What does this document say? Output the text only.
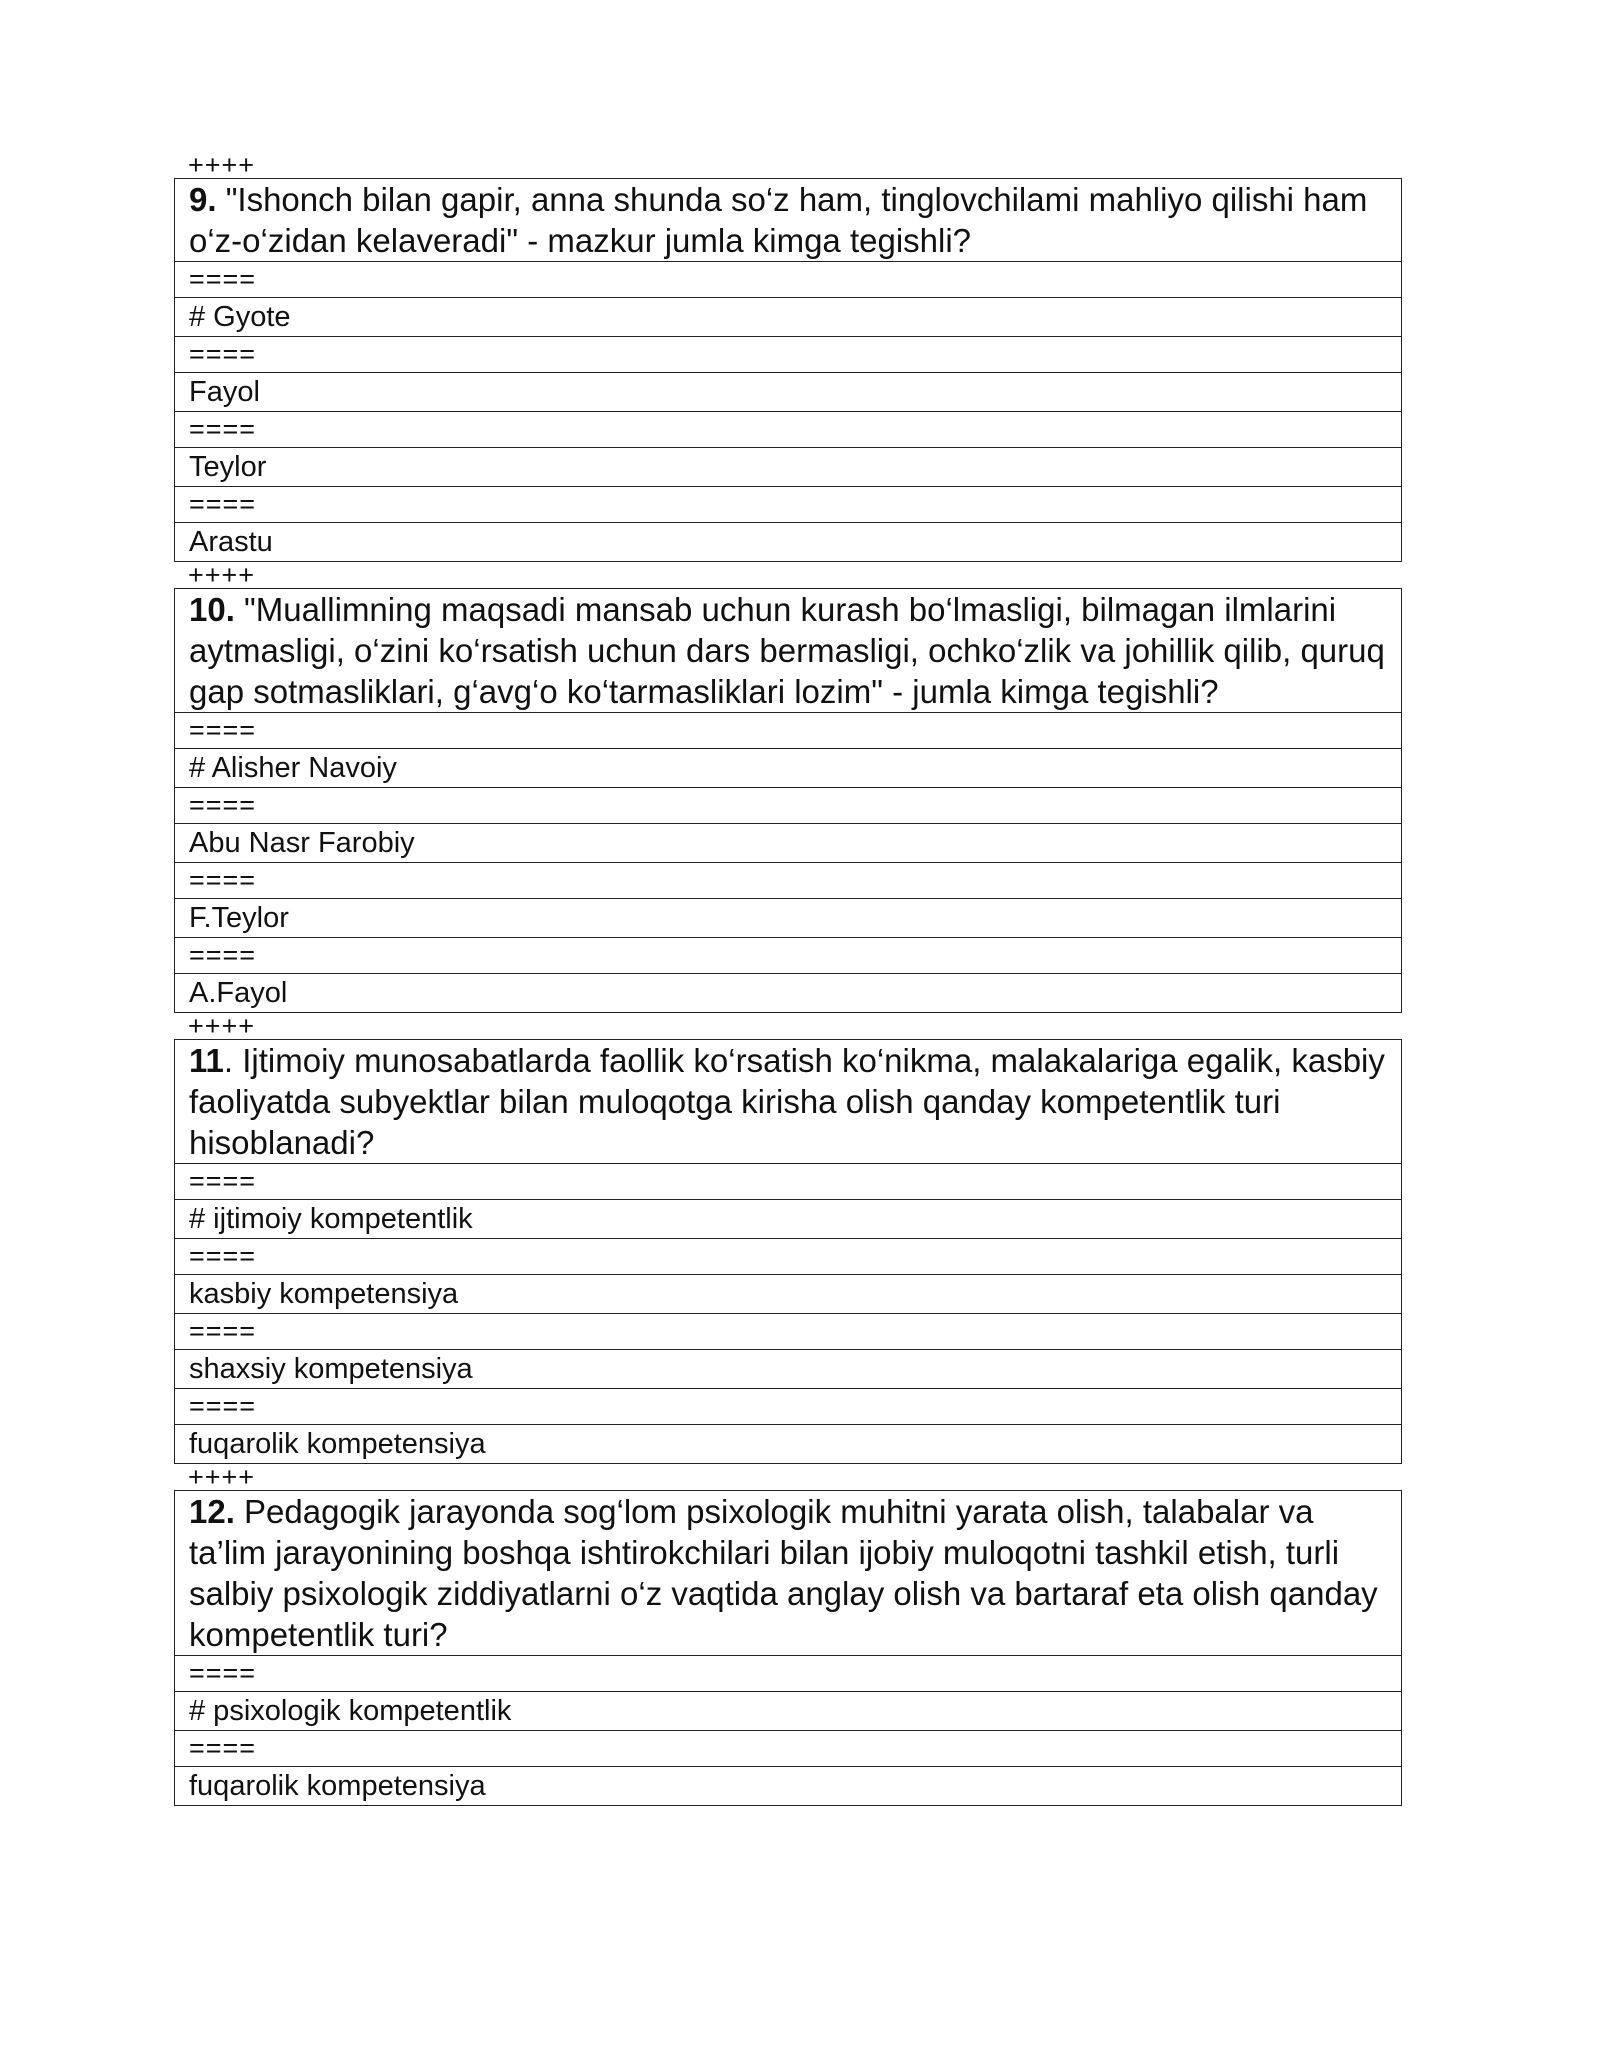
++++
9. "Ishonch bilan gapir, anna shunda so‘z ham, tinglovchilami mahliyo qilishi ham o‘z-o‘zidan kelaveradi" - mazkur jumla kimga tegishli?
====
# Gyote
====
Fayol
====
Teylor
====
Arastu
++++
10. "Muallimning maqsadi mansab uchun kurash bo‘lmasligi, bilmagan ilmlarini aytmasligi, o‘zini ko‘rsatish uchun dars bermasligi, ochko‘zlik va johillik qilib, quruq gap sotmasliklari, g‘avg‘o ko‘tarmasliklari lozim" - jumla kimga tegishli?
====
# Alisher Navoiy
====
Abu Nasr Farobiy
====
F.Teylor
====
A.Fayol
++++
11. Ijtimoiy munosabatlarda faollik ko‘rsatish ko‘nikma, malakalariga egalik, kasbiy faoliyatda subyektlar bilan muloqotga kirisha olish qanday kompetentlik turi hisoblanadi?
====
# ijtimoiy kompetentlik
====
kasbiy kompetensiya
====
shaxsiy kompetensiya
====
fuqarolik kompetensiya
++++
12. Pedagogik jarayonda sog‘lom psixologik muhitni yarata olish, talabalar va ta’lim jarayonining boshqa ishtirokchilari bilan ijobiy muloqotni tashkil etish, turli salbiy psixologik ziddiyatlarni o‘z vaqtida anglay olish va bartaraf eta olish qanday kompetentlik turi?
====
# psixologik kompetentlik
====
fuqarolik kompetensiya
